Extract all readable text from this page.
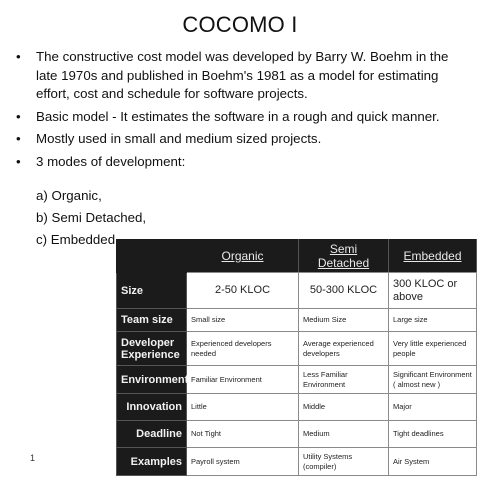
COCOMO I
• The constructive cost model was developed by Barry W. Boehm in the late 1970s and published in Boehm's 1981 as a model for estimating effort, cost and schedule for software projects.
• Basic model - It estimates the software in a rough and quick manner.
• Mostly used in small and medium sized projects.
• 3 modes of development:
a) Organic,
b) Semi Detached,
c) Embedded
	Organic	Semi Detached	Embedded
Size	2-50 KLOC	50-300 KLOC	300 KLOC or above
Team size	Small size	Medium Size	Large size
Developer Experience	Experienced developers needed	Average experienced developers	Very little experienced people
Environment	Familiar Environment	Less Familiar Environment	Significant Environment ( almost new )
Innovation	Little	Middle	Major
Deadline	Not Tight	Medium	Tight deadlines
Examples	Payroll system	Utility Systems (compiler)	Air System
1
